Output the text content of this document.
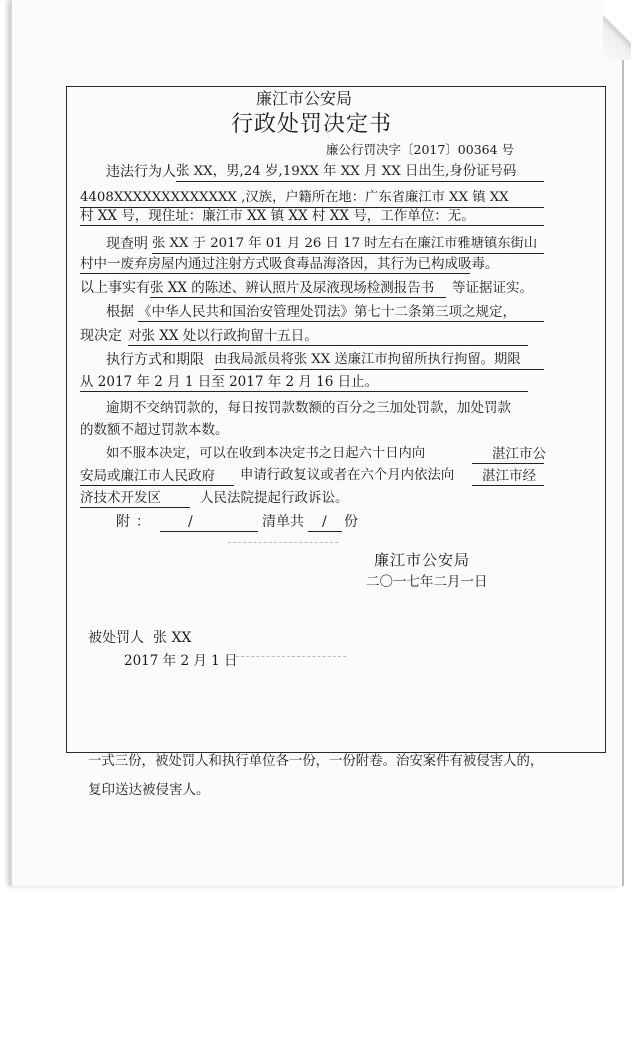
廉江市公安局
行政处罚决定书
廉公行罚决字〔2017〕00364 号
违法行为人 张 XX，男,24 岁,19XX 年 XX 月 XX 日出生,身份证号码
4408XXXXXXXXXXXXX ,汉族，户籍所在地：广东省廉江市 XX 镇 XX
村 XX 号，现住址：廉江市 XX 镇 XX 村 XX 号，工作单位：无。
现查明 张 XX 于 2017 年 01 月 26 日 17 时左右在廉江市雅塘镇东街山
村中一废弃房屋内通过注射方式吸食毒品海洛因，其行为已构成吸毒。
以上事实有 张 XX 的陈述、辨认照片及尿液现场检测报告书 等证据证实。
根据 《中华人民共和国治安管理处罚法》第七十二条第三项之规定，
现决定 对张 XX 处以行政拘留十五日。
执行方式和期限 由我局派员将张 XX 送廉江市拘留所执行拘留。期限
从 2017 年 2 月 1 日至 2017 年 2 月 16 日止。
逾期不交纳罚款的，每日按罚款数额的百分之三加处罚款，加处罚款
的数额不超过罚款本数。
如不服本决定，可以在收到本决定书之日起六十日内向	湛江市公
安局或廉江市人民政府 申请行政复议或者在六个月内依法向 湛江市经
济技术开发区	人民法院提起行政诉讼。
附： /	清单共 / 份
廉江市公安局
二〇一七年二月一日
被处罚人 张 XX
2017 年 2 月 1 日
一式三份，被处罚人和执行单位各一份，一份附卷。治安案件有被侵害人的，
复印送达被侵害人。
